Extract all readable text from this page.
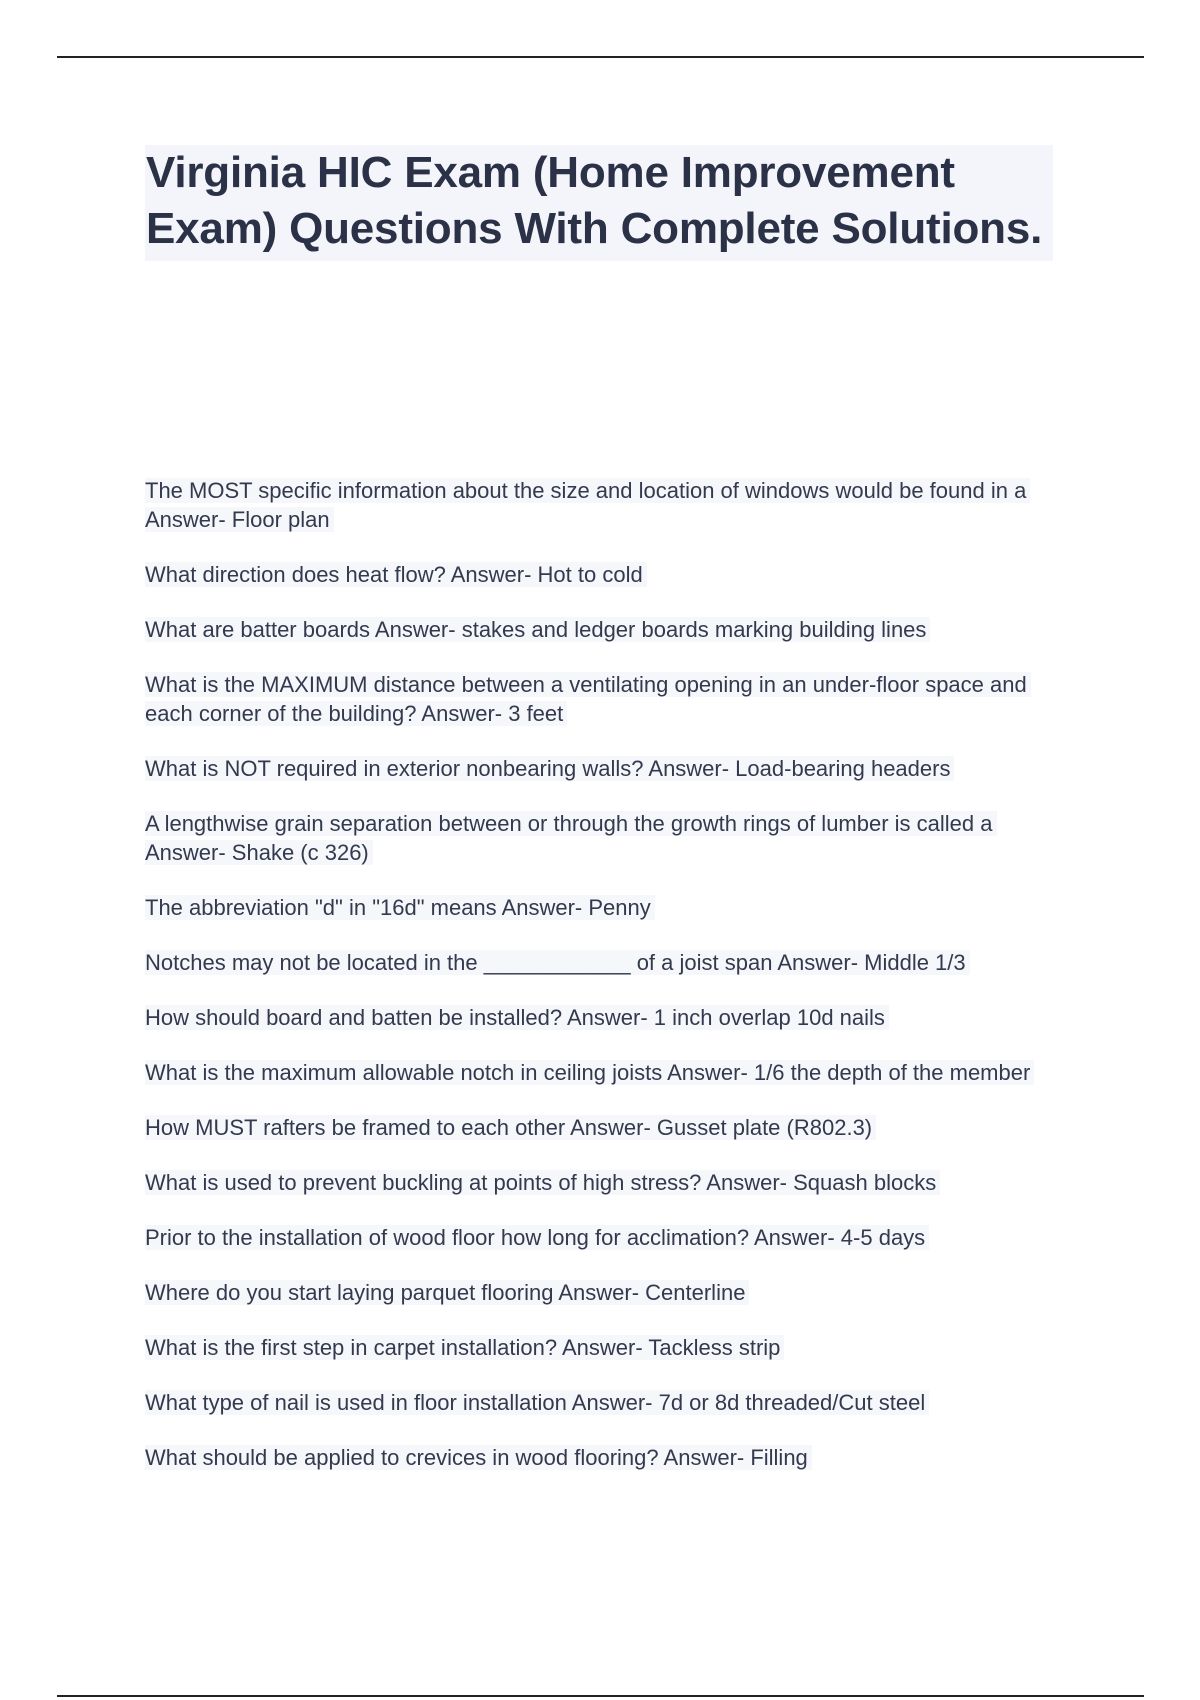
Virginia HIC Exam (Home Improvement Exam) Questions With Complete Solutions.
The MOST specific information about the size and location of windows would be found in a Answer- Floor plan
What direction does heat flow? Answer- Hot to cold
What are batter boards Answer- stakes and ledger boards marking building lines
What is the MAXIMUM distance between a ventilating opening in an under-floor space and each corner of the building? Answer- 3 feet
What is NOT required in exterior nonbearing walls? Answer- Load-bearing headers
A lengthwise grain separation between or through the growth rings of lumber is called a Answer- Shake (c 326)
The abbreviation "d" in "16d" means Answer- Penny
Notches may not be located in the ____________ of a joist span Answer- Middle 1/3
How should board and batten be installed? Answer- 1 inch overlap 10d nails
What is the maximum allowable notch in ceiling joists Answer- 1/6 the depth of the member
How MUST rafters be framed to each other Answer- Gusset plate (R802.3)
What is used to prevent buckling at points of high stress? Answer- Squash blocks
Prior to the installation of wood floor how long for acclimation? Answer- 4-5 days
Where do you start laying parquet flooring Answer- Centerline
What is the first step in carpet installation? Answer- Tackless strip
What type of nail is used in floor installation Answer- 7d or 8d threaded/Cut steel
What should be applied to crevices in wood flooring? Answer- Filling
